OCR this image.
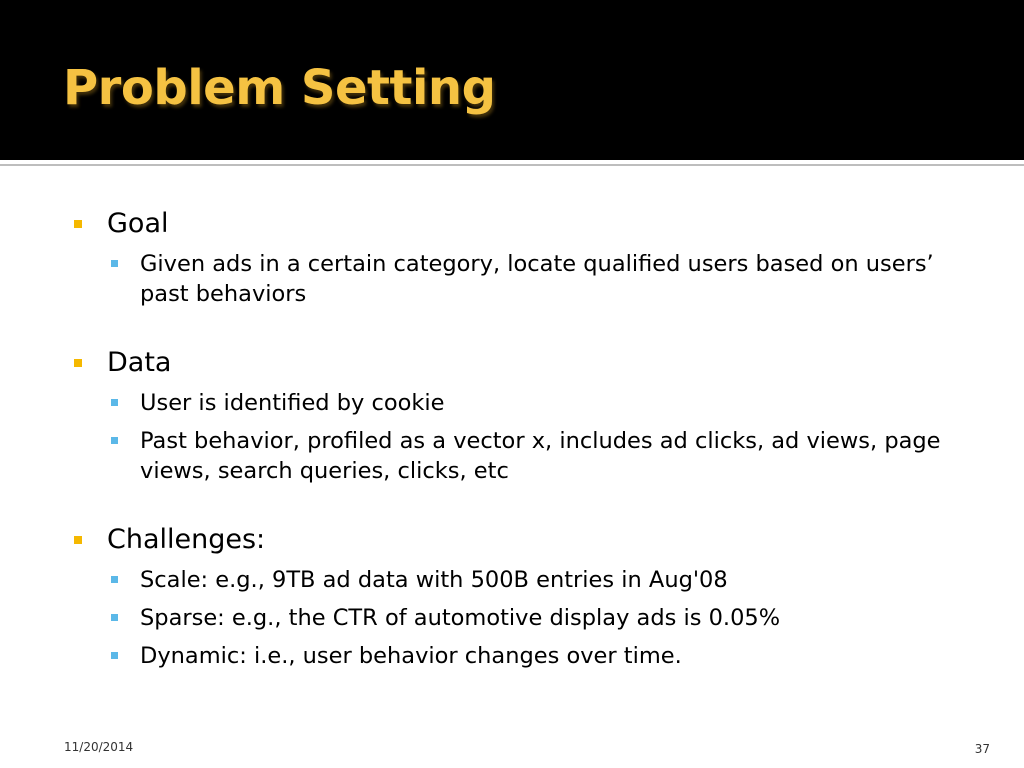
Problem Setting
Goal
Given ads in a certain category, locate qualified users based on users’ past behaviors
Data
User is identified by cookie
Past behavior, profiled as a vector x, includes ad clicks, ad views, page views, search queries, clicks, etc
Challenges:
Scale: e.g., 9TB ad data with 500B entries in Aug'08
Sparse: e.g., the CTR of automotive display ads is 0.05%
Dynamic: i.e., user behavior changes over time.
11/20/2014	37
